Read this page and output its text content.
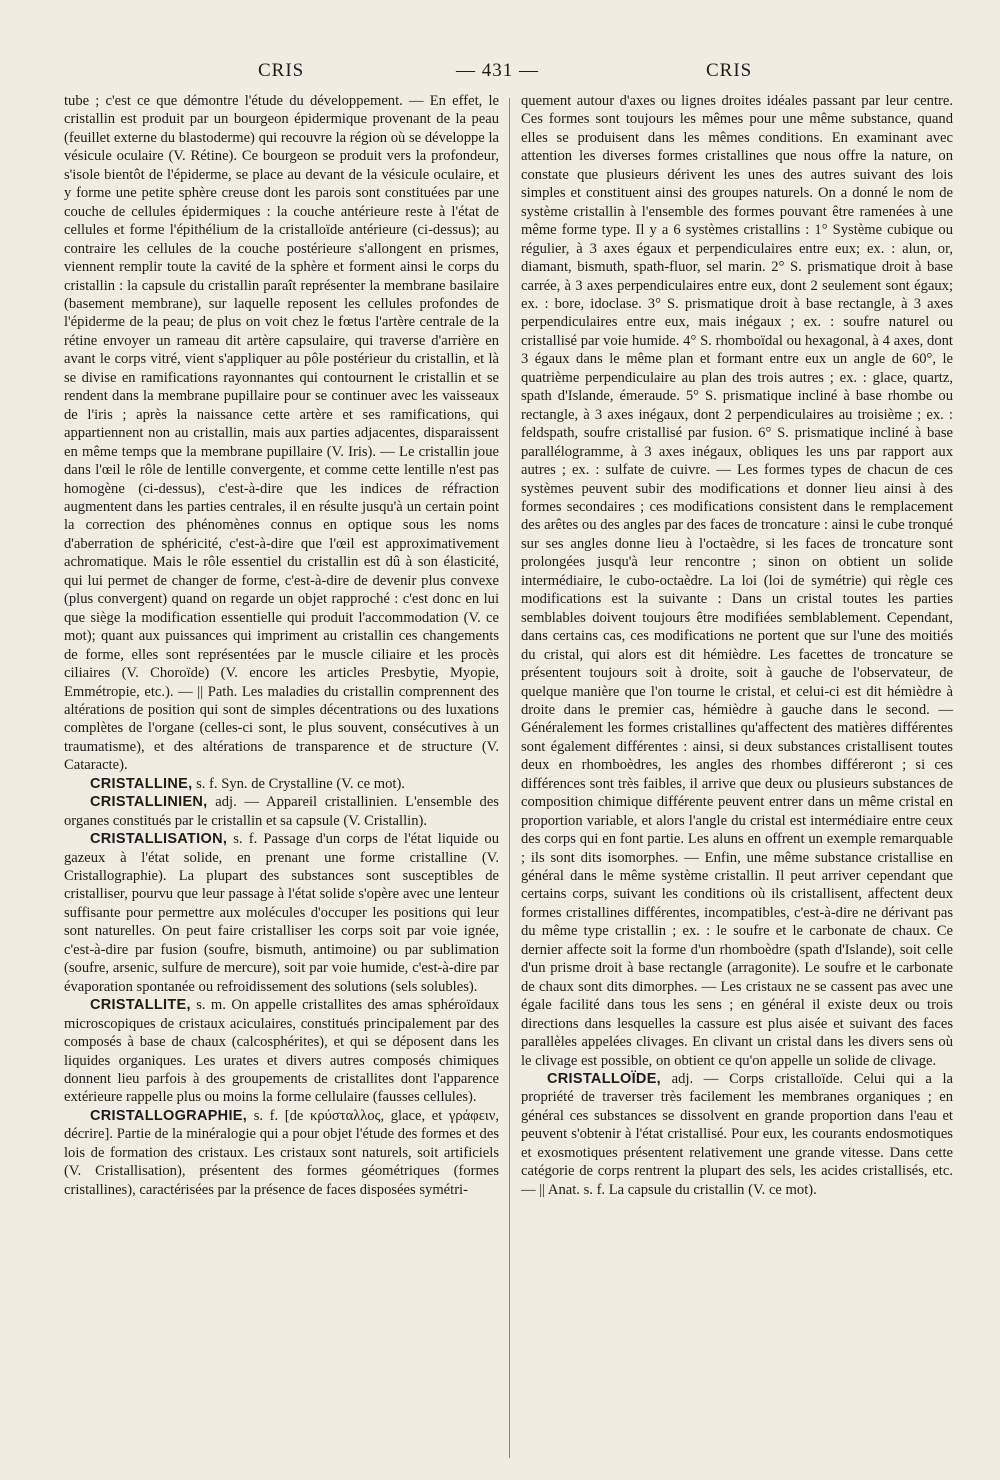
CRIS	— 431 —	CRIS

tube ; c'est ce que démontre l'étude du développement. — En effet, le cristallin est produit par un bourgeon épidermique provenant de la peau (feuillet externe du blastoderme) qui recouvre la région où se développe la vésicule oculaire (V. Rétine). Ce bourgeon se produit vers la profondeur, s'isole bientôt de l'épiderme, se place au devant de la vésicule oculaire, et y forme une petite sphère creuse dont les parois sont constituées par une couche de cellules épidermiques : la couche antérieure reste à l'état de cellules et forme l'épithélium de la cristalloïde antérieure (ci-dessus); au contraire les cellules de la couche postérieure s'allongent en prismes, viennent remplir toute la cavité de la sphère et forment ainsi le corps du cristallin : la capsule du cristallin paraît représenter la membrane basilaire (basement membrane), sur laquelle reposent les cellules profondes de l'épiderme de la peau; de plus on voit chez le fœtus l'artère centrale de la rétine envoyer un rameau dit artère capsulaire, qui traverse d'arrière en avant le corps vitré, vient s'appliquer au pôle postérieur du cristallin, et là se divise en ramifications rayonnantes qui contournent le cristallin et se rendent dans la membrane pupillaire pour se continuer avec les vaisseaux de l'iris ; après la naissance cette artère et ses ramifications, qui appartiennent non au cristallin, mais aux parties adjacentes, disparaissent en même temps que la membrane pupillaire (V. Iris). — Le cristallin joue dans l'œil le rôle de lentille convergente, et comme cette lentille n'est pas homogène (ci-dessus), c'est-à-dire que les indices de réfraction augmentent dans les parties centrales, il en résulte jusqu'à un certain point la correction des phénomènes connus en optique sous les noms d'aberration de sphéricité, c'est-à-dire que l'œil est approximativement achromatique. Mais le rôle essentiel du cristallin est dû à son élasticité, qui lui permet de changer de forme, c'est-à-dire de devenir plus convexe (plus convergent) quand on regarde un objet rapproché : c'est donc en lui que siège la modification essentielle qui produit l'accommodation (V. ce mot); quant aux puissances qui impriment au cristallin ces changements de forme, elles sont représentées par le muscle ciliaire et les procès ciliaires (V. Choroïde) (V. encore les articles Presbytie, Myopie, Emmétropie, etc.). — || Path. Les maladies du cristallin comprennent des altérations de position qui sont de simples décentrations ou des luxations complètes de l'organe (celles-ci sont, le plus souvent, consécutives à un traumatisme), et des altérations de transparence et de structure (V. Cataracte).

CRISTALLINE, s. f. Syn. de Crystalline (V. ce mot).

CRISTALLINIEN, adj. — Appareil cristallinien. L'ensemble des organes constitués par le cristallin et sa capsule (V. Cristallin).

CRISTALLISATION, s. f. Passage d'un corps de l'état liquide ou gazeux à l'état solide, en prenant une forme cristalline (V. Cristallographie). La plupart des substances sont susceptibles de cristalliser, pourvu que leur passage à l'état solide s'opère avec une lenteur suffisante pour permettre aux molécules d'occuper les positions qui leur sont naturelles. On peut faire cristalliser les corps soit par voie ignée, c'est-à-dire par fusion (soufre, bismuth, antimoine) ou par sublimation (soufre, arsenic, sulfure de mercure), soit par voie humide, c'est-à-dire par évaporation spontanée ou refroidissement des solutions (sels solubles).

CRISTALLITE, s. m. On appelle cristallites des amas sphéroïdaux microscopiques de cristaux aciculaires, constitués principalement par des composés à base de chaux (calcosphérites), et qui se déposent dans les liquides organiques. Les urates et divers autres composés chimiques donnent lieu parfois à des groupements de cristallites dont l'apparence extérieure rappelle plus ou moins la forme cellulaire (fausses cellules).

CRISTALLOGRAPHIE, s. f. [de κρύσταλλος, glace, et γράφειν, décrire]. Partie de la minéralogie qui a pour objet l'étude des formes et des lois de formation des cristaux. Les cristaux sont naturels, soit artificiels (V. Cristallisation), présentent des formes géométriques (formes cristallines), caractérisées par la présence de faces disposées symétri-

quement autour d'axes ou lignes droites idéales passant par leur centre. Ces formes sont toujours les mêmes pour une même substance, quand elles se produisent dans les mêmes conditions. En examinant avec attention les diverses formes cristallines que nous offre la nature, on constate que plusieurs dérivent les unes des autres suivant des lois simples et constituent ainsi des groupes naturels. On a donné le nom de système cristallin à l'ensemble des formes pouvant être ramenées à une même forme type. Il y a 6 systèmes cristallins : 1° Système cubique ou régulier, à 3 axes égaux et perpendiculaires entre eux; ex. : alun, or, diamant, bismuth, spath-fluor, sel marin. 2° S. prismatique droit à base carrée, à 3 axes perpendiculaires entre eux, dont 2 seulement sont égaux; ex. : bore, idoclase. 3° S. prismatique droit à base rectangle, à 3 axes perpendiculaires entre eux, mais inégaux ; ex. : soufre naturel ou cristallisé par voie humide. 4° S. rhomboïdal ou hexagonal, à 4 axes, dont 3 égaux dans le même plan et formant entre eux un angle de 60°, le quatrième perpendiculaire au plan des trois autres ; ex. : glace, quartz, spath d'Islande, émeraude. 5° S. prismatique incliné à base rhombe ou rectangle, à 3 axes inégaux, dont 2 perpendiculaires au troisième ; ex. : feldspath, soufre cristallisé par fusion. 6° S. prismatique incliné à base parallélogramme, à 3 axes inégaux, obliques les uns par rapport aux autres ; ex. : sulfate de cuivre. — Les formes types de chacun de ces systèmes peuvent subir des modifications et donner lieu ainsi à des formes secondaires ; ces modifications consistent dans le remplacement des arêtes ou des angles par des faces de troncature : ainsi le cube tronqué sur ses angles donne lieu à l'octaèdre, si les faces de troncature sont prolongées jusqu'à leur rencontre ; sinon on obtient un solide intermédiaire, le cubo-octaèdre. La loi (loi de symétrie) qui règle ces modifications est la suivante : Dans un cristal toutes les parties semblables doivent toujours être modifiées semblablement. Cependant, dans certains cas, ces modifications ne portent que sur l'une des moitiés du cristal, qui alors est dit hémièdre. Les facettes de troncature se présentent toujours soit à droite, soit à gauche de l'observateur, de quelque manière que l'on tourne le cristal, et celui-ci est dit hémièdre à droite dans le premier cas, hémièdre à gauche dans le second. — Généralement les formes cristallines qu'affectent des matières différentes sont également différentes : ainsi, si deux substances cristallisent toutes deux en rhomboèdres, les angles des rhombes différeront ; si ces différences sont très faibles, il arrive que deux ou plusieurs substances de composition chimique différente peuvent entrer dans un même cristal en proportion variable, et alors l'angle du cristal est intermédiaire entre ceux des corps qui en font partie. Les aluns en offrent un exemple remarquable ; ils sont dits isomorphes. — Enfin, une même substance cristallise en général dans le même système cristallin. Il peut arriver cependant que certains corps, suivant les conditions où ils cristallisent, affectent deux formes cristallines différentes, incompatibles, c'est-à-dire ne dérivant pas du même type cristallin ; ex. : le soufre et le carbonate de chaux. Ce dernier affecte soit la forme d'un rhomboèdre (spath d'Islande), soit celle d'un prisme droit à base rectangle (arragonite). Le soufre et le carbonate de chaux sont dits dimorphes. — Les cristaux ne se cassent pas avec une égale facilité dans tous les sens ; en général il existe deux ou trois directions dans lesquelles la cassure est plus aisée et suivant des faces parallèles appelées clivages. En clivant un cristal dans les divers sens où le clivage est possible, on obtient ce qu'on appelle un solide de clivage.

CRISTALLOÏDE, adj. — Corps cristalloïde. Celui qui a la propriété de traverser très facilement les membranes organiques ; en général ces substances se dissolvent en grande proportion dans l'eau et peuvent s'obtenir à l'état cristallisé. Pour eux, les courants endosmotiques et exosmotiques présentent relativement une grande vitesse. Dans cette catégorie de corps rentrent la plupart des sels, les acides cristallisés, etc. — || Anat. s. f. La capsule du cristallin (V. ce mot).
